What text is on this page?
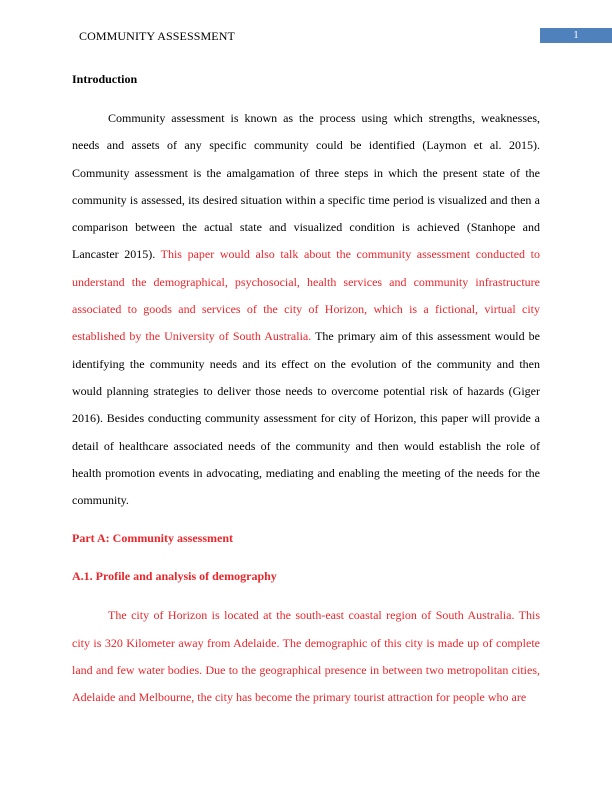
COMMUNITY ASSESSMENT	1
Introduction

Community assessment is known as the process using which strengths, weaknesses, needs and assets of any specific community could be identified (Laymon et al. 2015). Community assessment is the amalgamation of three steps in which the present state of the community is assessed, its desired situation within a specific time period is visualized and then a comparison between the actual state and visualized condition is achieved (Stanhope and Lancaster 2015). This paper would also talk about the community assessment conducted to understand the demographical, psychosocial, health services and community infrastructure associated to goods and services of the city of Horizon, which is a fictional, virtual city established by the University of South Australia. The primary aim of this assessment would be identifying the community needs and its effect on the evolution of the community and then would planning strategies to deliver those needs to overcome potential risk of hazards (Giger 2016). Besides conducting community assessment for city of Horizon, this paper will provide a detail of healthcare associated needs of the community and then would establish the role of health promotion events in advocating, mediating and enabling the meeting of the needs for the community.

Part A: Community assessment
A.1. Profile and analysis of demography

The city of Horizon is located at the south-east coastal region of South Australia. This city is 320 Kilometer away from Adelaide. The demographic of this city is made up of complete land and few water bodies. Due to the geographical presence in between two metropolitan cities, Adelaide and Melbourne, the city has become the primary tourist attraction for people who are
